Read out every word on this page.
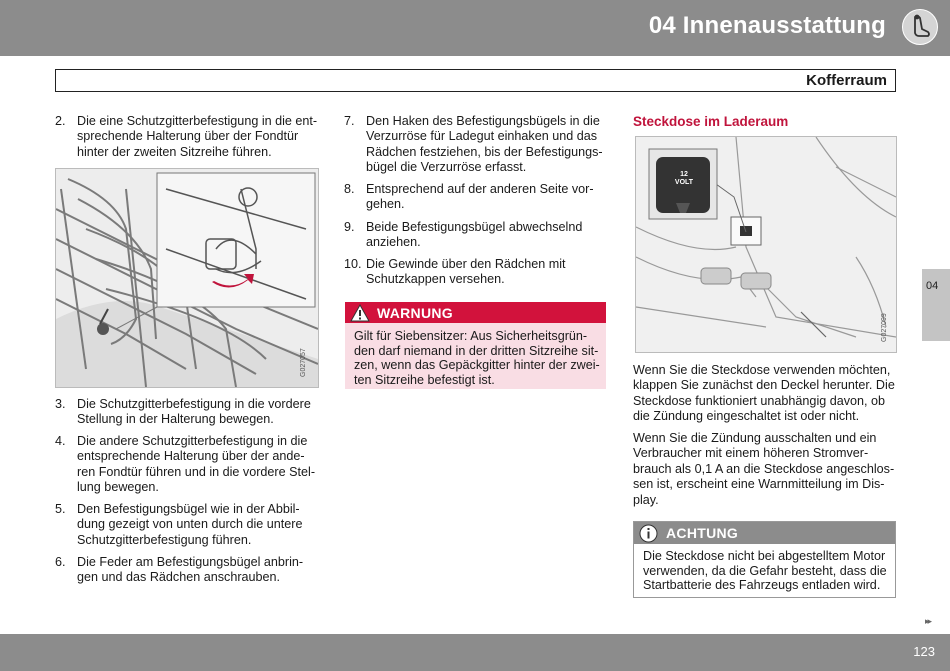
04 Innenausstattung
Kofferraum
2. Die eine Schutzgitterbefestigung in die ent-
sprechende Halterung über der Fondtür
hinter der zweiten Sitzreihe führen.
G027057
3. Die Schutzgitterbefestigung in die vordere
Stellung in der Halterung bewegen.
4. Die andere Schutzgitterbefestigung in die
entsprechende Halterung über der ande-
ren Fondtür führen und in die vordere Stel-
lung bewegen.
5. Den Befestigungsbügel wie in der Abbil-
dung gezeigt von unten durch die untere
Schutzgitterbefestigung führen.
6. Die Feder am Befestigungsbügel anbrin-
gen und das Rädchen anschrauben.
7. Den Haken des Befestigungsbügels in die
Verzurröse für Ladegut einhaken und das
Rädchen festziehen, bis der Befestigungs-
bügel die Verzurröse erfasst.
8. Entsprechend auf der anderen Seite vor-
gehen.
9. Beide Befestigungsbügel abwechselnd
anziehen.
10. Die Gewinde über den Rädchen mit
Schutzkappen versehen.
WARNUNG
Gilt für Siebensitzer: Aus Sicherheitsgrün-
den darf niemand in der dritten Sitzreihe sit-
zen, wenn das Gepäckgitter hinter der zwei-
ten Sitzreihe befestigt ist.
Steckdose im Laderaum
12
VOLT
G027099
Wenn Sie die Steckdose verwenden möchten,
klappen Sie zunächst den Deckel herunter. Die
Steckdose funktioniert unabhängig davon, ob
die Zündung eingeschaltet ist oder nicht.
Wenn Sie die Zündung ausschalten und ein
Verbraucher mit einem höheren Stromver-
brauch als 0,1 A an die Steckdose angeschlos-
sen ist, erscheint eine Warnmitteilung im Dis-
play.
ACHTUNG
Die Steckdose nicht bei abgestelltem Motor
verwenden, da die Gefahr besteht, dass die
Startbatterie des Fahrzeugs entladen wird.
04
▸▸
123
